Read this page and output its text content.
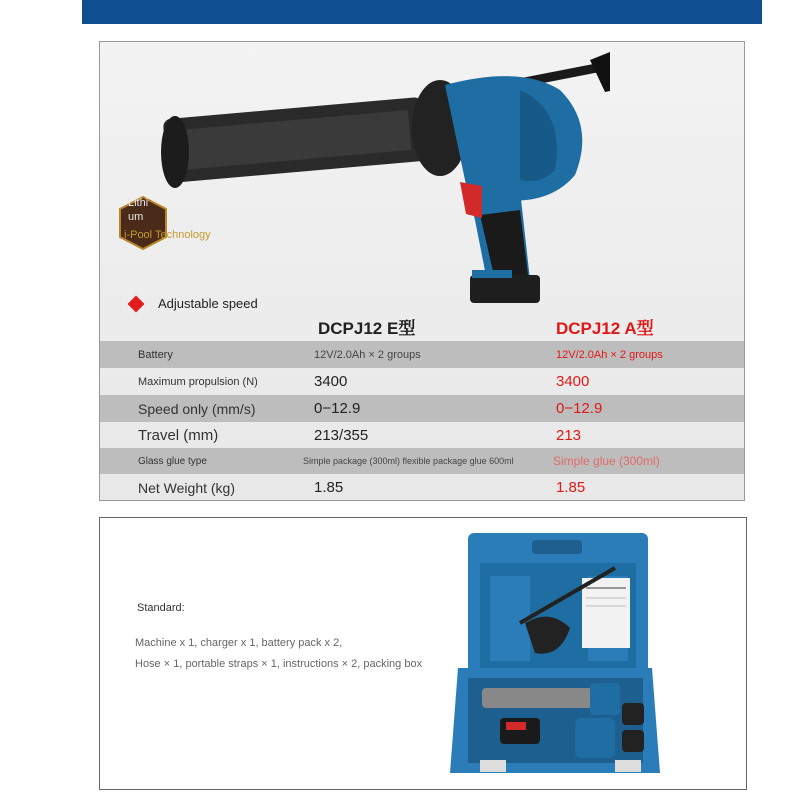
Lithi
um
i-Pool Technology
Adjustable speed
DCPJ12 E型	DCPJ12 A型
Battery	12V/2.0Ah × 2 groups	12V/2.0Ah × 2 groups
Maximum propulsion (N)	3400	3400
Speed only (mm/s)	0−12.9	0−12.9
Travel (mm)	213/355	213
Glass glue type	Simple package (300ml) flexible package glue 600ml	Simple glue (300ml)
Net Weight (kg)	1.85	1.85
Standard:
Machine x 1, charger x 1, battery pack x 2,
Hose × 1, portable straps × 1, instructions × 2, packing box
